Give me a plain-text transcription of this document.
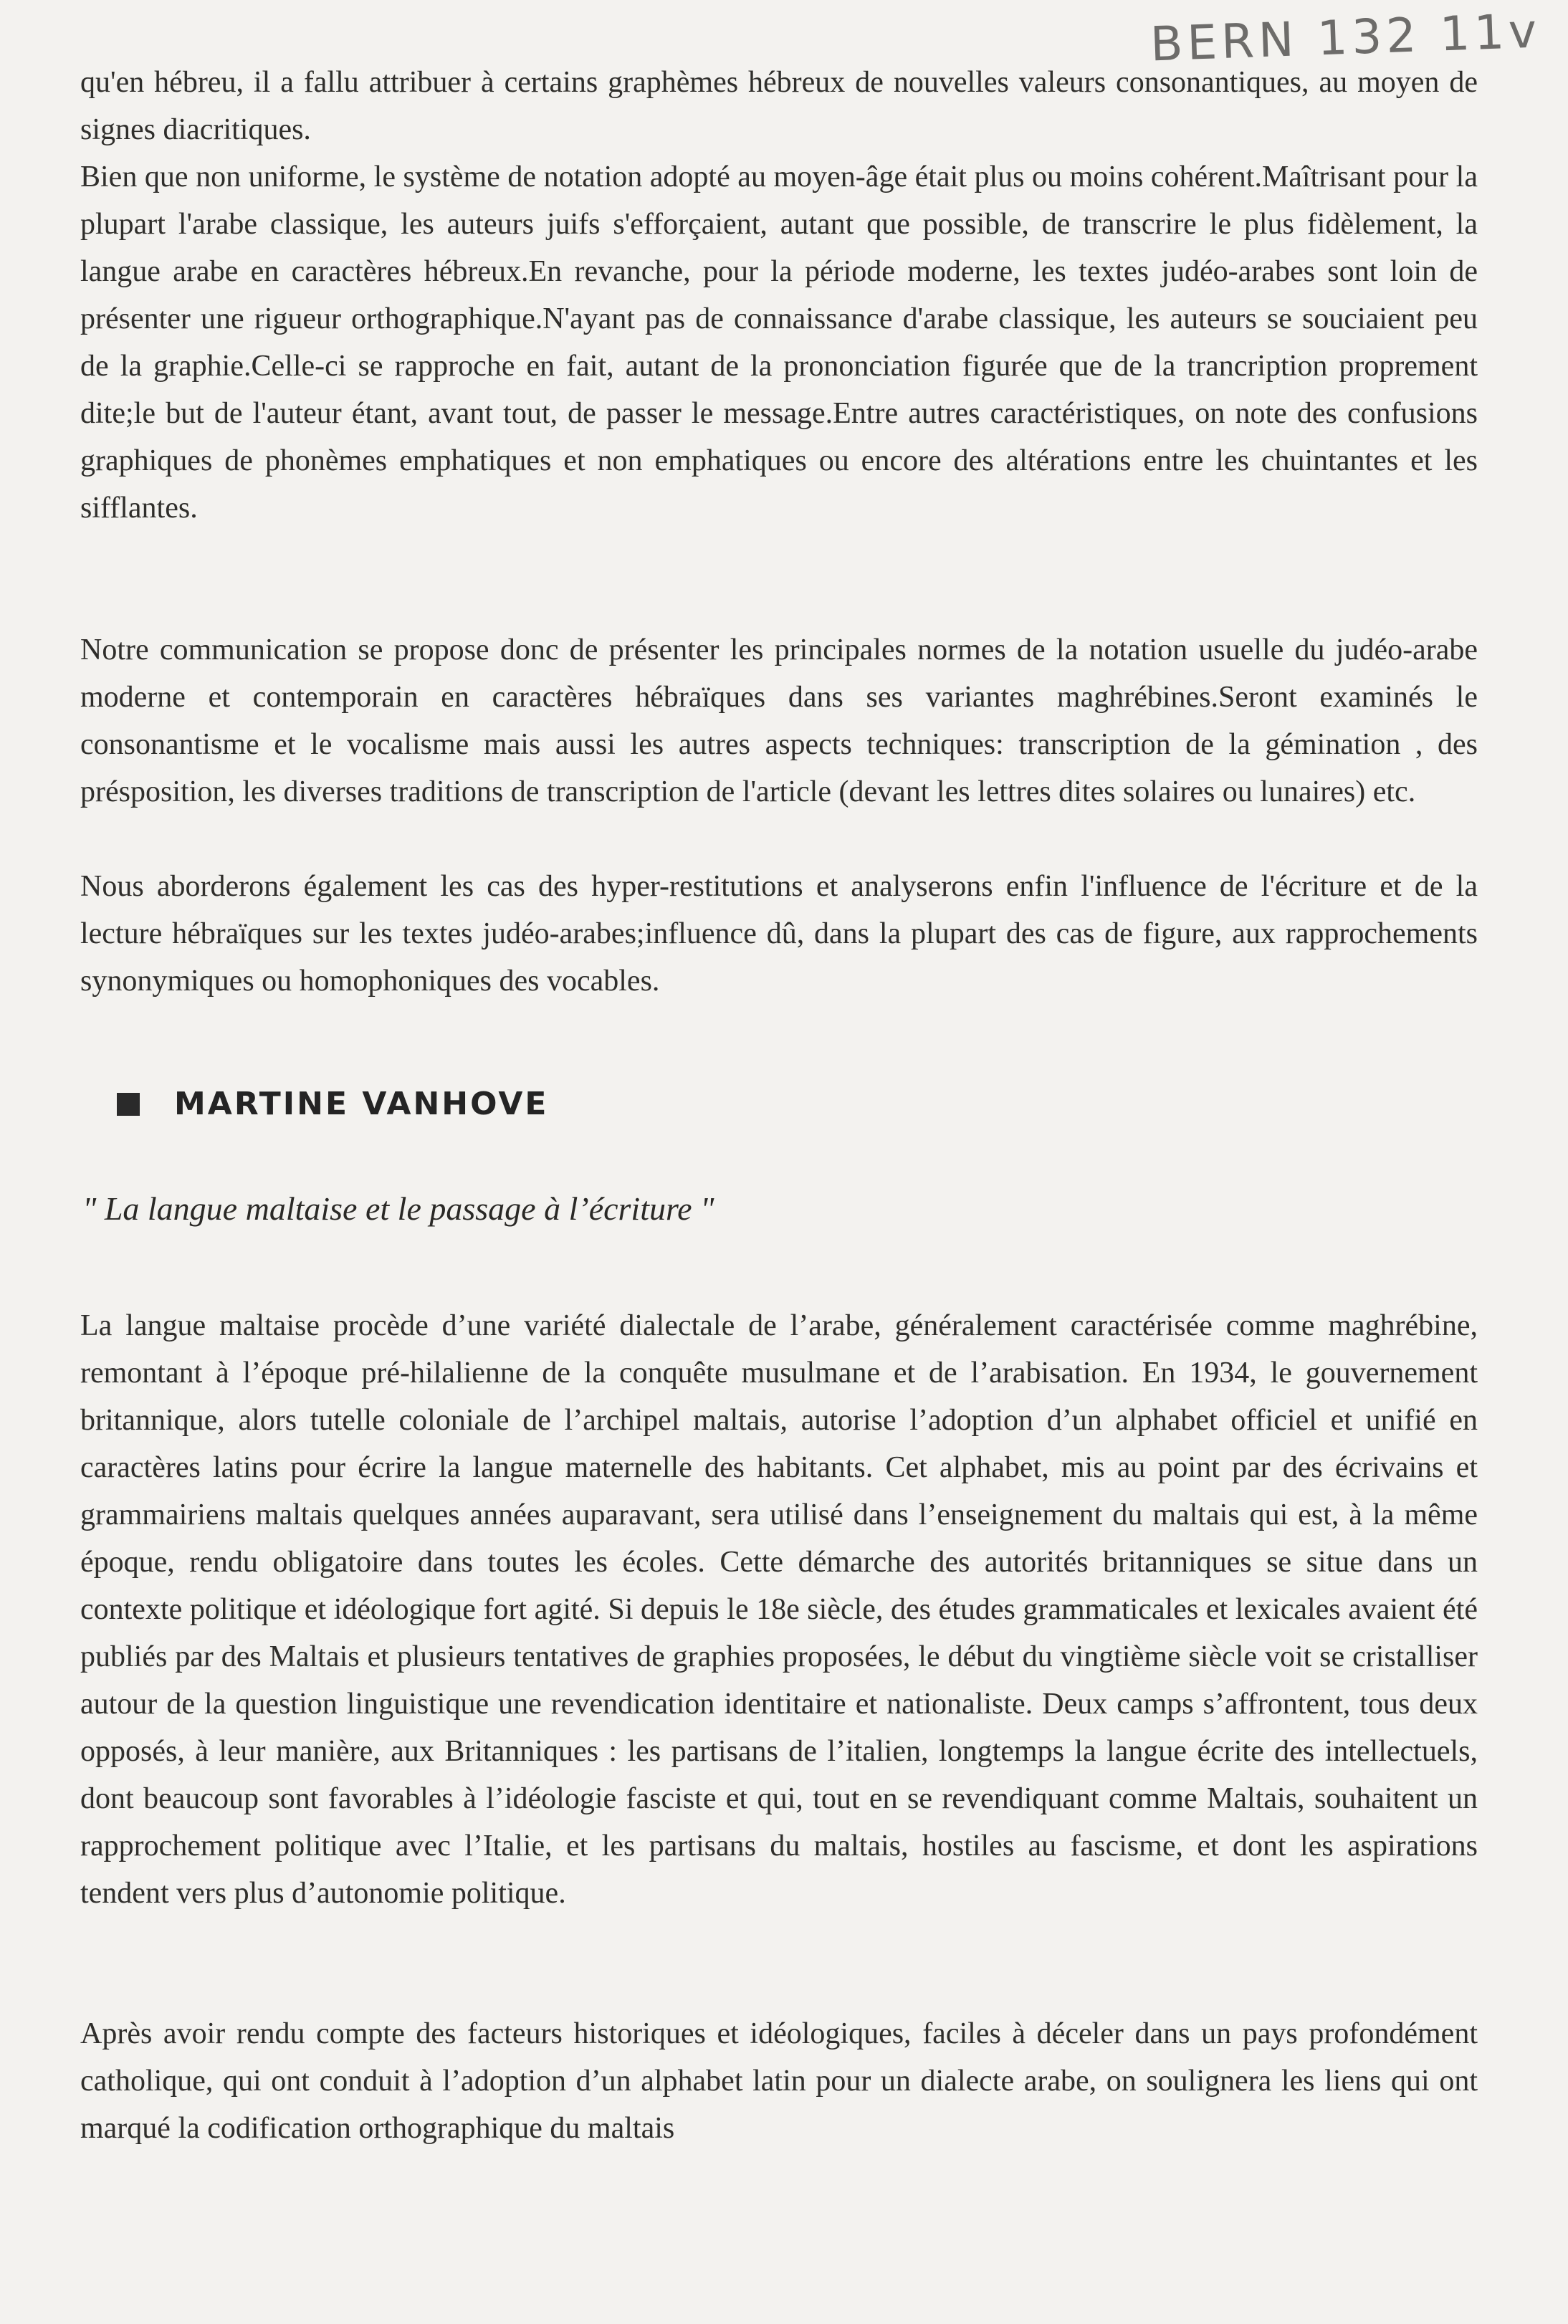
BERN 132 11v

qu'en hébreu, il a fallu attribuer à certains graphèmes hébreux de nouvelles valeurs consonantiques, au moyen de signes diacritiques.

Bien que non uniforme, le système de notation adopté au moyen-âge était plus ou moins cohérent.Maîtrisant pour la plupart l'arabe classique, les auteurs juifs s'efforçaient, autant que possible, de transcrire le plus fidèlement, la langue arabe en caractères hébreux.En revanche, pour la période moderne, les textes judéo-arabes sont loin de présenter une rigueur orthographique.N'ayant pas de connaissance d'arabe classique, les auteurs se souciaient peu de la graphie.Celle-ci se rapproche en fait, autant de la prononciation figurée que de la trancription proprement dite;le but de l'auteur étant, avant tout, de passer le message.Entre autres caractéristiques, on note des confusions graphiques de phonèmes emphatiques et non emphatiques ou encore des altérations entre les chuintantes et les sifflantes.

Notre communication se propose donc de présenter les principales normes de la notation usuelle du judéo-arabe moderne et contemporain en caractères hébraïques dans ses variantes maghrébines.Seront examinés le consonantisme et le vocalisme mais aussi les autres aspects techniques: transcription de la gémination , des présposition, les diverses traditions de transcription de l'article (devant les lettres dites solaires ou lunaires) etc.

Nous aborderons également les cas des hyper-restitutions et analyserons enfin l'influence de l'écriture et de la lecture hébraïques sur les textes judéo-arabes;influence dû, dans la plupart des cas de figure, aux rapprochements synonymiques ou homophoniques des vocables.

MARTINE VANHOVE
" La langue maltaise et le passage à l’écriture "

La langue maltaise procède d’une variété dialectale de l’arabe, généralement caractérisée comme maghrébine, remontant à l’époque pré-hilalienne de la conquête musulmane et de l’arabisation. En 1934, le gouvernement britannique, alors tutelle coloniale de l’archipel maltais, autorise l’adoption d’un alphabet officiel et unifié en caractères latins pour écrire la langue maternelle des habitants. Cet alphabet, mis au point par des écrivains et grammairiens maltais quelques années auparavant, sera utilisé dans l’enseignement du maltais qui est, à la même époque, rendu obligatoire dans toutes les écoles. Cette démarche des autorités britanniques se situe dans un contexte politique et idéologique fort agité. Si depuis le 18e siècle, des études grammaticales et lexicales avaient été publiés par des Maltais et plusieurs tentatives de graphies proposées, le début du vingtième siècle voit se cristalliser autour de la question linguistique une revendication identitaire et nationaliste. Deux camps s’affrontent, tous deux opposés, à leur manière, aux Britanniques : les partisans de l’italien, longtemps la langue écrite des intellectuels, dont beaucoup sont favorables à l’idéologie fasciste et qui, tout en se revendiquant comme Maltais, souhaitent un rapprochement politique avec l’Italie, et les partisans du maltais, hostiles au fascisme, et dont les aspirations tendent vers plus d’autonomie politique.

Après avoir rendu compte des facteurs historiques et idéologiques, faciles à déceler dans un pays profondément catholique, qui ont conduit à l’adoption d’un alphabet latin pour un dialecte arabe, on soulignera les liens qui ont marqué la codification orthographique du maltais
